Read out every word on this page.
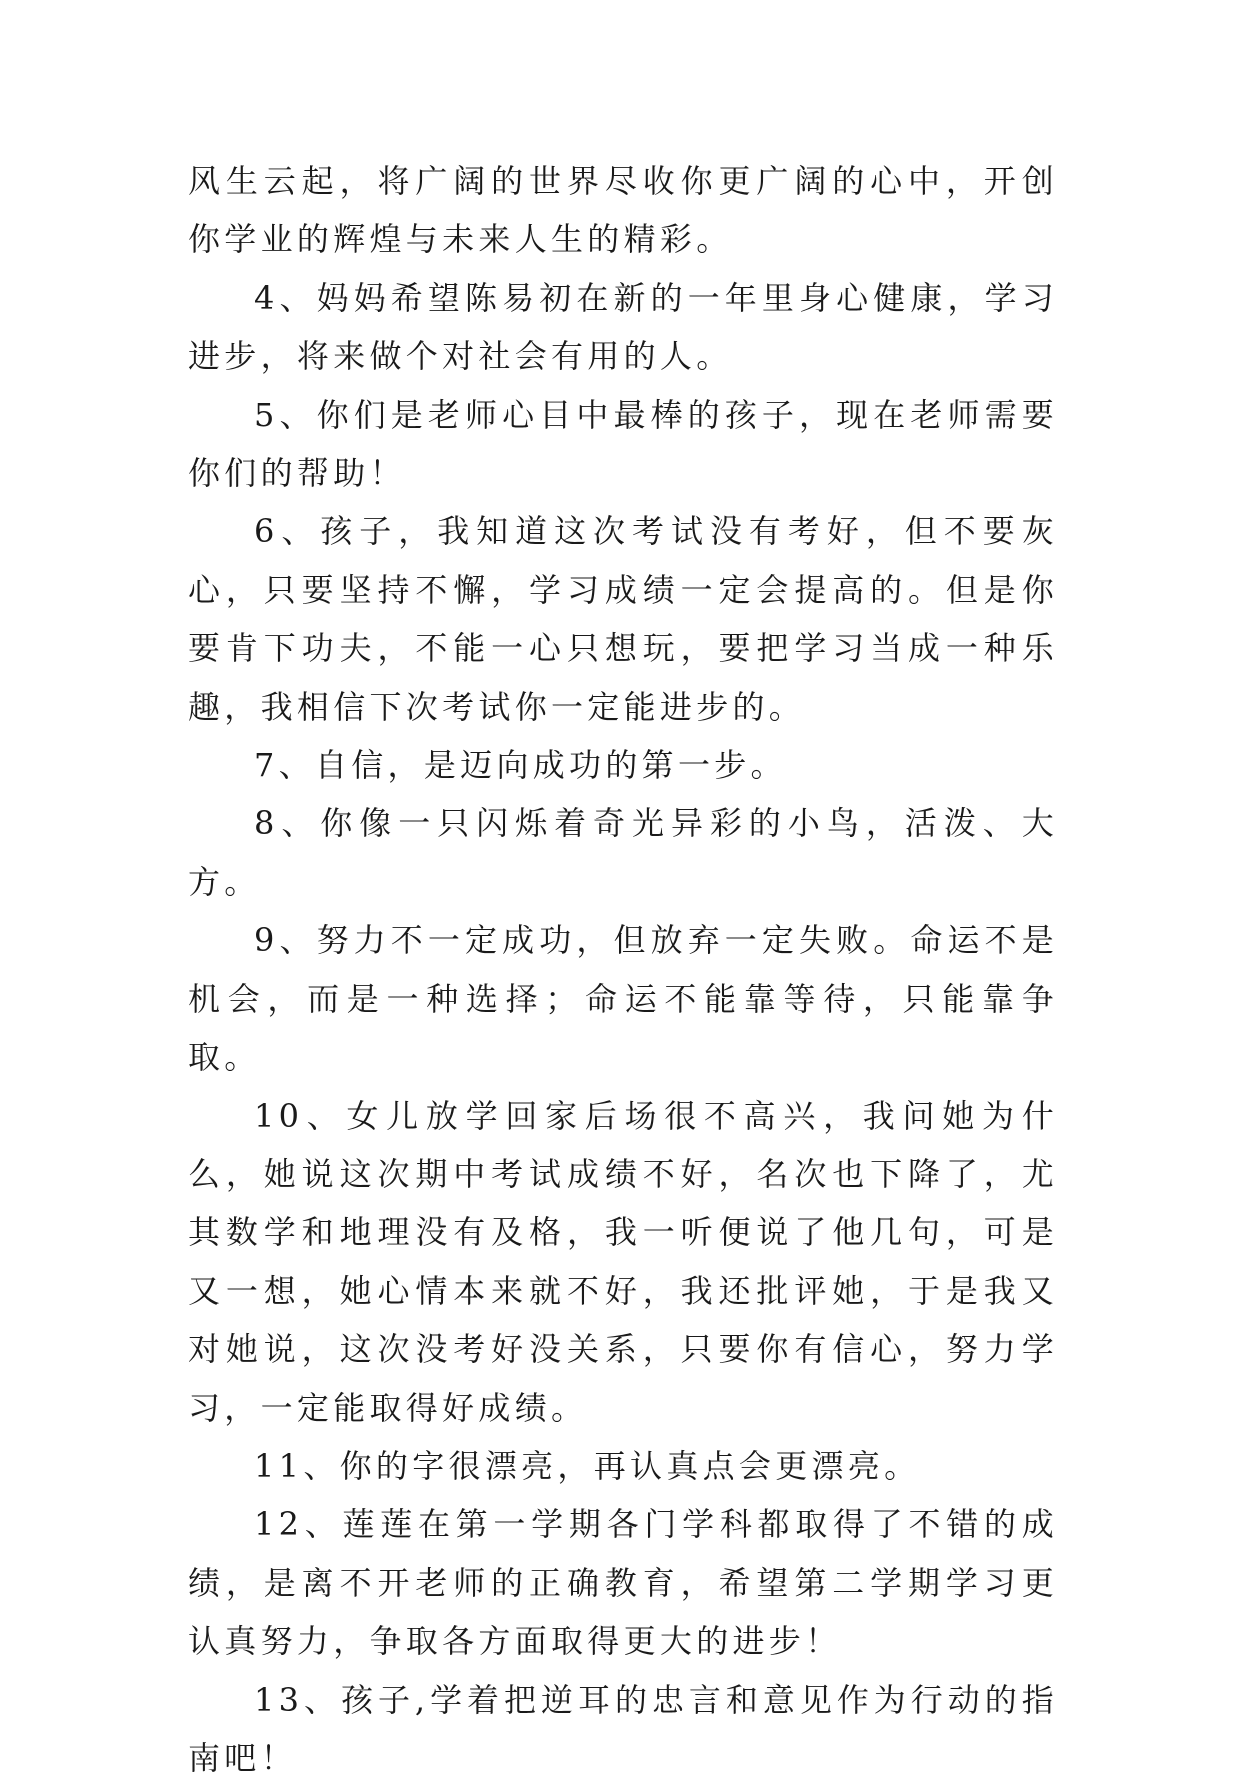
风生云起，将广阔的世界尽收你更广阔的心中，开创你学业的辉煌与未来人生的精彩。

4、妈妈希望陈易初在新的一年里身心健康，学习进步，将来做个对社会有用的人。

5、你们是老师心目中最棒的孩子，现在老师需要你们的帮助！

6、孩子，我知道这次考试没有考好，但不要灰心，只要坚持不懈，学习成绩一定会提高的。但是你要肯下功夫，不能一心只想玩，要把学习当成一种乐趣，我相信下次考试你一定能进步的。

7、自信，是迈向成功的第一步。

8、你像一只闪烁着奇光异彩的小鸟，活泼、大方。

9、努力不一定成功，但放弃一定失败。命运不是机会，而是一种选择；命运不能靠等待，只能靠争取。

10、女儿放学回家后场很不高兴，我问她为什么，她说这次期中考试成绩不好，名次也下降了，尤其数学和地理没有及格，我一听便说了他几句，可是又一想，她心情本来就不好，我还批评她，于是我又对她说，这次没考好没关系，只要你有信心，努力学习，一定能取得好成绩。

11、你的字很漂亮，再认真点会更漂亮。

12、莲莲在第一学期各门学科都取得了不错的成绩，是离不开老师的正确教育，希望第二学期学习更认真努力，争取各方面取得更大的进步！

13、孩子,学着把逆耳的忠言和意见作为行动的指南吧！
